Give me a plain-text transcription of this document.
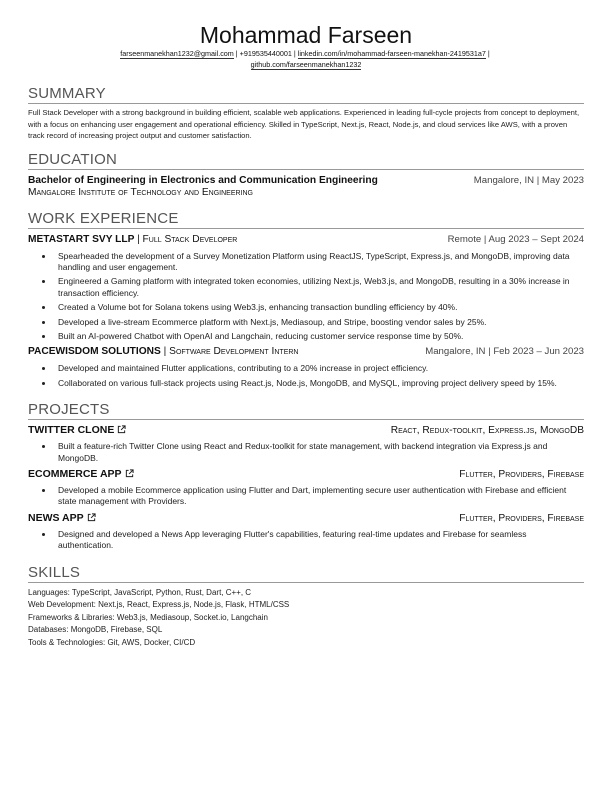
Mohammad Farseen
farseenmanekhan1232@gmail.com | +919535440001 | linkedin.com/in/mohammad-farseen-manekhan-2419531a7 |
github.com/farseenmanekhan1232
SUMMARY
Full Stack Developer with a strong background in building efficient, scalable web applications. Experienced in leading full-cycle projects from concept to deployment, with a focus on enhancing user engagement and operational efficiency. Skilled in TypeScript, Next.js, React, Node.js, and cloud services like AWS, with a proven track record of increasing project output and customer satisfaction.
EDUCATION
Bachelor of Engineering in Electronics and Communication Engineering	Mangalore, IN | May 2023
Mangalore Institute of Technology and Engineering
WORK EXPERIENCE
METASTART SVY LLP | Full Stack Developer	Remote | Aug 2023 – Sept 2024
• Spearheaded the development of a Survey Monetization Platform using ReactJS, TypeScript, Express.js, and MongoDB, improving data handling and user engagement.
• Engineered a Gaming platform with integrated token economies, utilizing Next.js, Web3.js, and MongoDB, resulting in a 30% increase in transaction efficiency.
• Created a Volume bot for Solana tokens using Web3.js, enhancing transaction bundling efficiency by 40%.
• Developed a live-stream Ecommerce platform with Next.js, Mediasoup, and Stripe, boosting vendor sales by 25%.
• Built an AI-powered Chatbot with OpenAI and Langchain, reducing customer service response time by 50%.
PACEWISDOM SOLUTIONS | Software Development Intern	Mangalore, IN | Feb 2023 – Jun 2023
• Developed and maintained Flutter applications, contributing to a 20% increase in project efficiency.
• Collaborated on various full-stack projects using React.js, Node.js, MongoDB, and MySQL, improving project delivery speed by 15%.
PROJECTS
TWITTER CLONE	React, Redux-toolkit, Express.js, MongoDB
• Built a feature-rich Twitter Clone using React and Redux-toolkit for state management, with backend integration via Express.js and MongoDB.
ECOMMERCE APP	Flutter, Providers, Firebase
• Developed a mobile Ecommerce application using Flutter and Dart, implementing secure user authentication with Firebase and efficient state management with Providers.
NEWS APP	Flutter, Providers, Firebase
• Designed and developed a News App leveraging Flutter's capabilities, featuring real-time updates and Firebase for seamless authentication.
SKILLS
Languages: TypeScript, JavaScript, Python, Rust, Dart, C++, C
Web Development: Next.js, React, Express.js, Node.js, Flask, HTML/CSS
Frameworks & Libraries: Web3.js, Mediasoup, Socket.io, Langchain
Databases: MongoDB, Firebase, SQL
Tools & Technologies: Git, AWS, Docker, CI/CD
